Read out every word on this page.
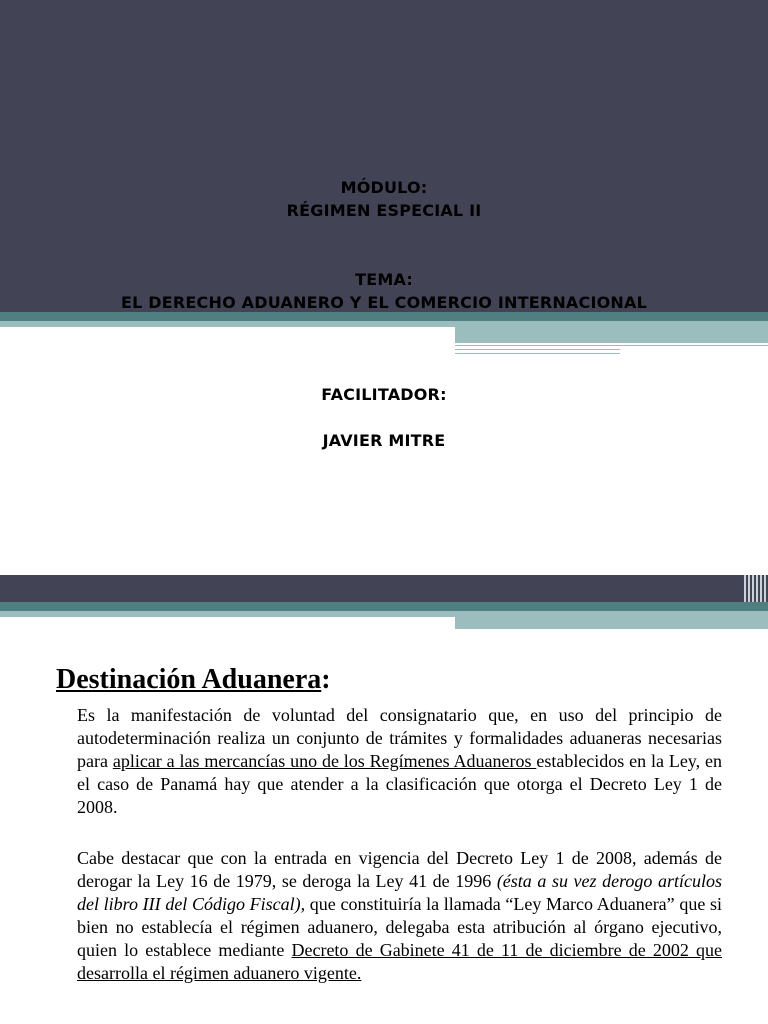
MÓDULO:
RÉGIMEN ESPECIAL II
TEMA:
EL DERECHO ADUANERO Y EL COMERCIO INTERNACIONAL
FACILITADOR:
JAVIER MITRE
Destinación Aduanera:
Es la manifestación de voluntad del consignatario que, en uso del principio de autodeterminación realiza un conjunto de trámites y formalidades aduaneras necesarias para aplicar a las mercancías uno de los Regímenes Aduaneros establecidos en la Ley, en el caso de Panamá hay que atender a la clasificación que otorga el Decreto Ley 1 de 2008.
Cabe destacar que con la entrada en vigencia del Decreto Ley 1 de 2008, además de derogar la Ley 16 de 1979, se deroga la Ley 41 de 1996 (ésta a su vez derogo artículos del libro III del Código Fiscal), que constituiría la llamada “Ley Marco Aduanera” que si bien no establecía el régimen aduanero, delegaba esta atribución al órgano ejecutivo, quien lo establece mediante Decreto de Gabinete 41 de 11 de diciembre de 2002 que desarrolla el régimen aduanero vigente.
